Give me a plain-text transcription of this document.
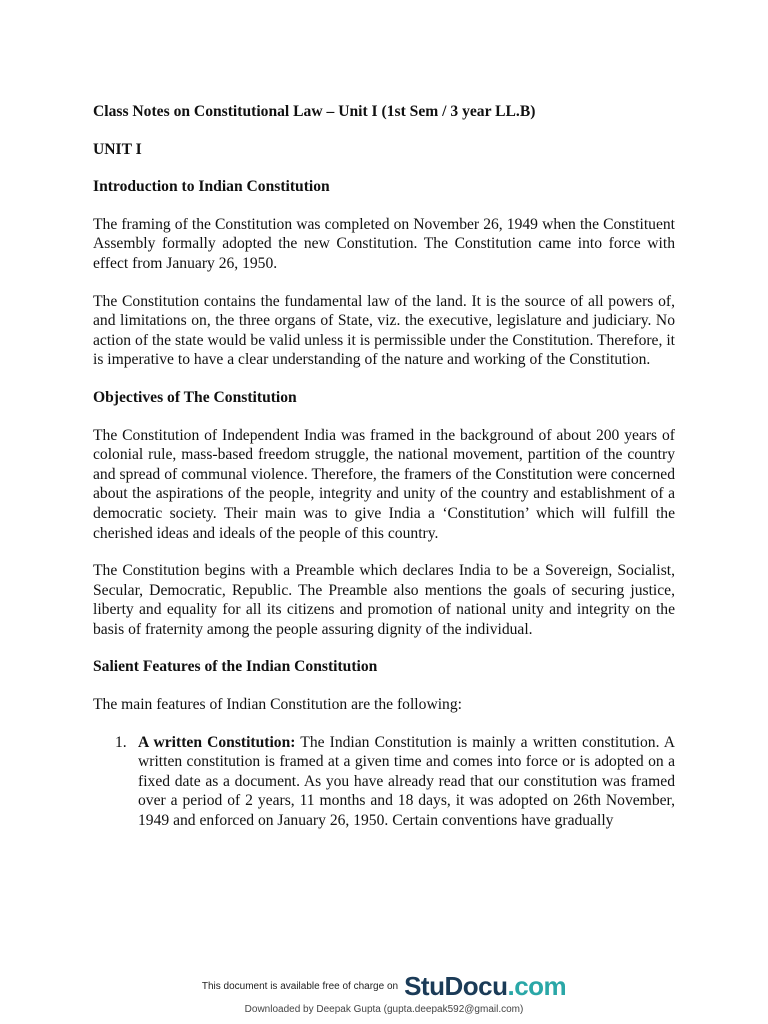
Class Notes on Constitutional Law – Unit I (1st Sem / 3 year LL.B)
UNIT I
Introduction to Indian Constitution
The framing of the Constitution was completed on November 26, 1949 when the Constituent Assembly formally adopted the new Constitution. The Constitution came into force with effect from January 26, 1950.
The Constitution contains the fundamental law of the land. It is the source of all powers of, and limitations on, the three organs of State, viz. the executive, legislature and judiciary. No action of the state would be valid unless it is permissible under the Constitution. Therefore, it is imperative to have a clear understanding of the nature and working of the Constitution.
Objectives of The Constitution
The Constitution of Independent India was framed in the background of about 200 years of colonial rule, mass-based freedom struggle, the national movement, partition of the country and spread of communal violence. Therefore, the framers of the Constitution were concerned about the aspirations of the people, integrity and unity of the country and establishment of a democratic society. Their main was to give India a ‘Constitution’ which will fulfill the cherished ideas and ideals of the people of this country.
The Constitution begins with a Preamble which declares India to be a Sovereign, Socialist, Secular, Democratic, Republic. The Preamble also mentions the goals of securing justice, liberty and equality for all its citizens and promotion of national unity and integrity on the basis of fraternity among the people assuring dignity of the individual.
Salient Features of the Indian Constitution
The main features of Indian Constitution are the following:
1. A written Constitution: The Indian Constitution is mainly a written constitution. A written constitution is framed at a given time and comes into force or is adopted on a fixed date as a document. As you have already read that our constitution was framed over a period of 2 years, 11 months and 18 days, it was adopted on 26th November, 1949 and enforced on January 26, 1950. Certain conventions have gradually
This document is available free of charge on StuDocu.com
Downloaded by Deepak Gupta (gupta.deepak592@gmail.com)
